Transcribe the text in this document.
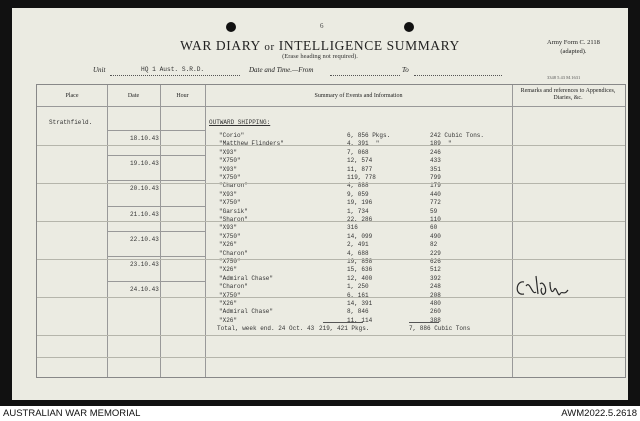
6
WAR DIARY or INTELLIGENCE SUMMARY
(Erase heading not required).
Army Form C. 2118
(adapted).
3348 5.43 M.1631
Unit	HQ 1 Aust. S.R.D.	Date and Time.—From	To
Place	Date	Hour	Summary of Events and Information
Remarks and references to Appendices, Diaries, &c.
Strathfield.	OUTWARD SHIPPING:
18.10.43	"Corio"	6, 856 Pkgs.	242 Cubic Tons.
"Matthew Flinders"	4, 391  "	189  "
"X93"	7, 068	246
19.10.43	"X750"	12, 574	433
"X93"	11, 877	351
"X750"	119, 778	799
20.10.43	"Charon"	4, 888	179
"X93"	9, 059	440
"X750"	19, 196	772
21.10.43	"Garsik"	1, 734	59
"Sharon"	22, 286	110
"X93"	316	60
22.10.43	"X750"	14, 099	490
"X26"	2, 491	82
"Charon"	4, 688	229
23.10.43	"X750"	19, 858	626
"X26"	15, 636	512
"Admiral Chase"	12, 400	392
24.10.43	"Charon"	1, 250	248
"X750"	6, 161	208
"X26"	14, 391	480
"Admiral Chase"	8, 846	260
"X26"	11, 114	388
Total, week end. 24 Oct. 43 219, 421 Pkgs.	7, 886 Cubic Tons
AUSTRALIAN WAR MEMORIAL	AWM2022.5.2618
